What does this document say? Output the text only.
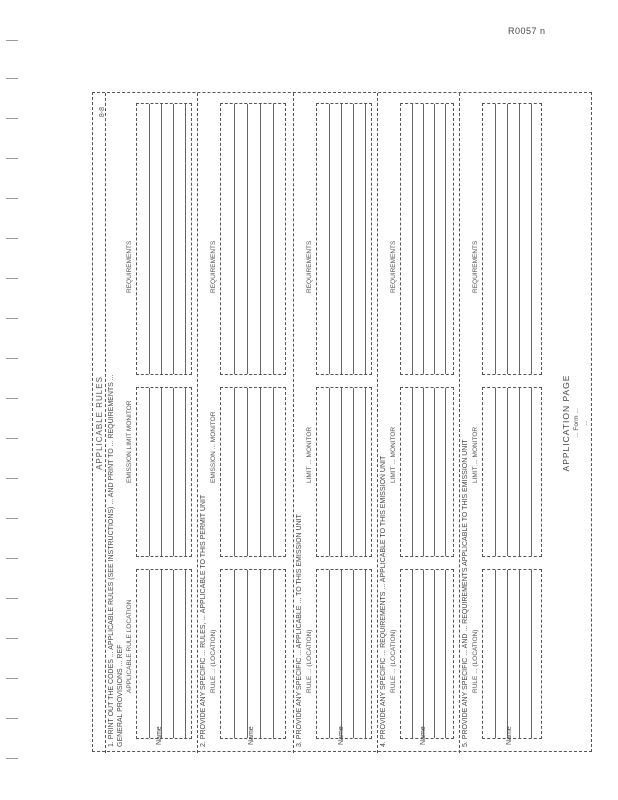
R0057 n
APPLICABLE RULES
8-8
1. PRINT OUT THE CODES ... APPLICABLE RULES (SEE INSTRUCTIONS) ... AND PRINT TO ... REQUIREMENTS ... GENERAL PROVISIONS ... REF APPLICABLE RULE LOCATION
EMISSION LIMIT MONITOR
REQUIREMENTS
Name	2. PROVIDE ANY SPECIFIC ... RULES, ... APPLICABLE TO THIS PERMIT UNIT RULE ... (LOCATION)
EMISSION ... MONITOR
REQUIREMENTS
Name	3. PROVIDE ANY SPECIFIC ... APPLICABLE ... TO THIS EMISSION UNIT RULE ... (LOCATION)
LIMIT ... MONITOR
REQUIREMENTS
Name	4. PROVIDE ANY SPECIFIC ... REQUIREMENTS ... APPLICABLE TO THIS EMISSION UNIT RULE ... (LOCATION)
LIMIT ... MONITOR
REQUIREMENTS
Name	5. PROVIDE ANY SPECIFIC ... AND ... REQUIREMENTS APPLICABLE TO THIS EMISSION UNIT RULE ... (LOCATION)
LIMIT ... MONITOR
REQUIREMENTS
Name
APPLICATION PAGE ... Form ... ...
